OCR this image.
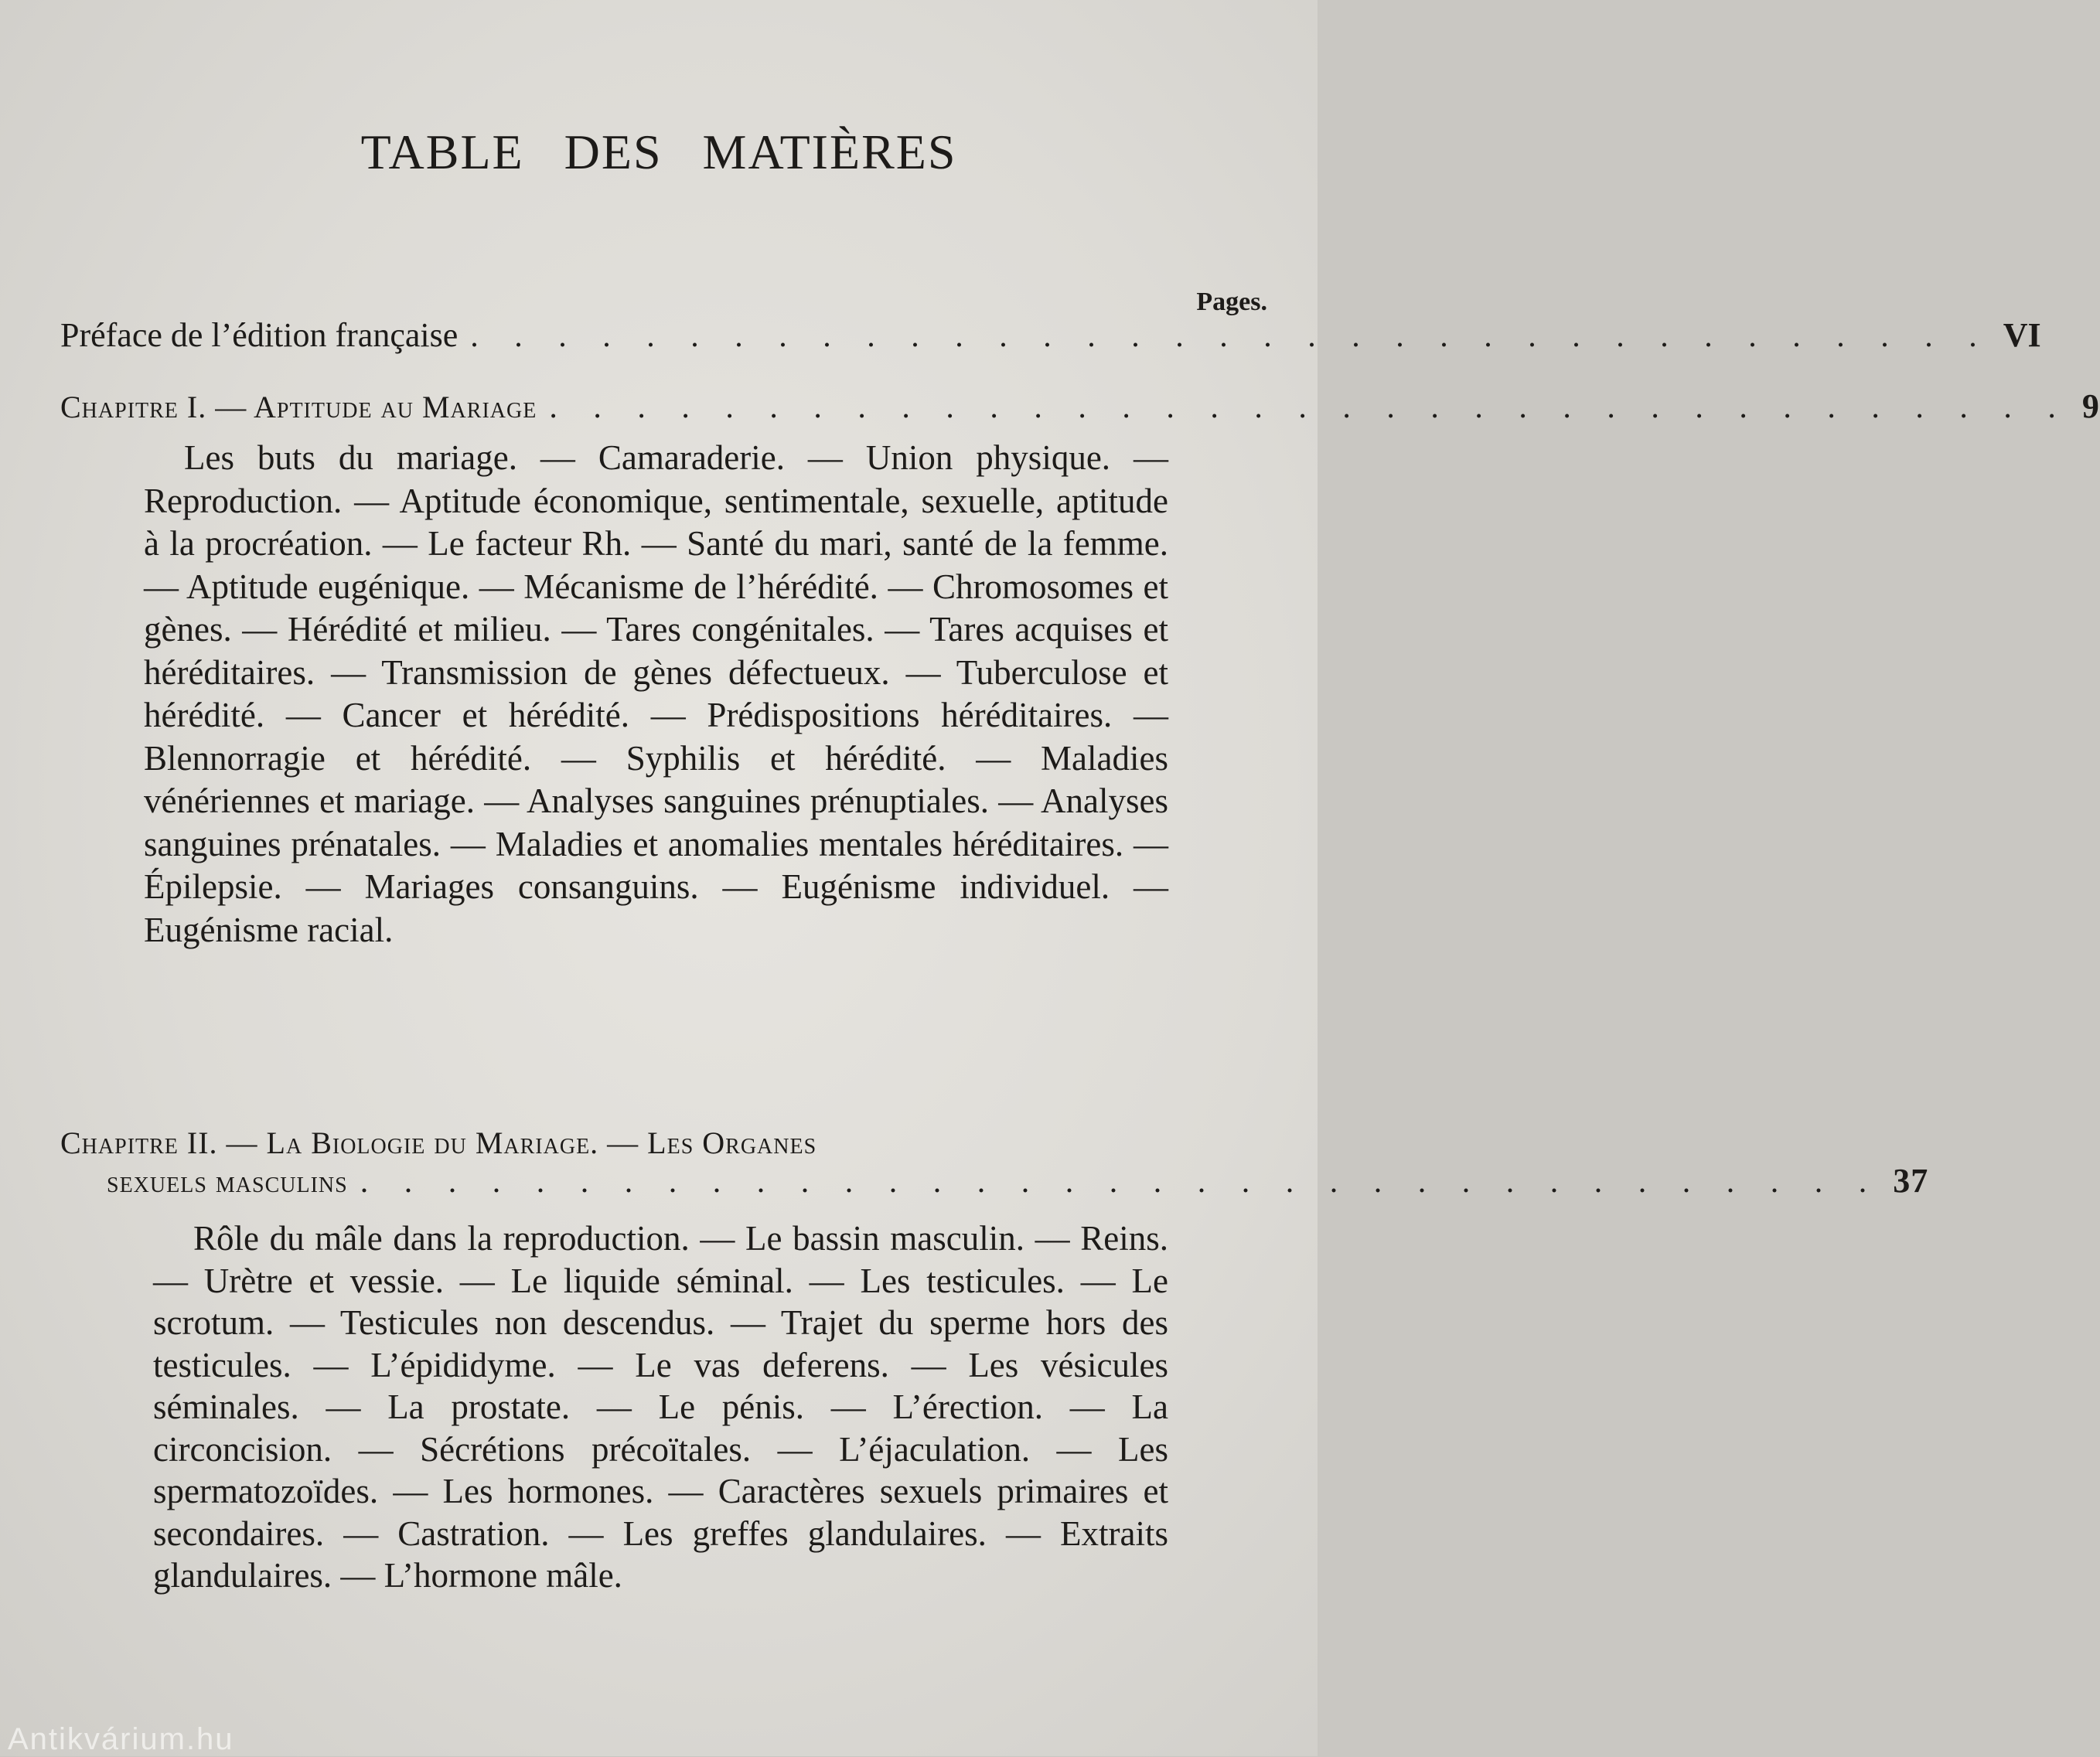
TABLE DES MATIÈRES
Pages.
Préface de l’édition française . . . . . . . . . . . . . . . . . . . . . . . . . . . . . . . . . . . VI
Chapitre I. — Aptitude au Mariage . . . . . . . . . . . . . . . . . . . . . . . . . . . . . . . . . . . 9

Les buts du mariage. — Camaraderie. — Union physique. — Reproduction. — Aptitude économique, sentimentale, sexuelle, aptitude à la procréation. — Le facteur Rh. — Santé du mari, santé de la femme. — Aptitude eugénique. — Mécanisme de l’hérédité. — Chromosomes et gènes. — Hérédité et milieu. — Tares congénitales. — Tares acquises et héréditaires. — Transmission de gènes défectueux. — Tuberculose et hérédité. — Cancer et hérédité. — Prédispositions héréditaires. — Blennorragie et hérédité. — Syphilis et hérédité. — Maladies vénériennes et mariage. — Analyses sanguines prénuptiales. — Analyses sanguines prénatales. — Maladies et anomalies mentales héréditaires. — Épilepsie. — Mariages consanguins. — Eugénisme individuel. — Eugénisme racial.

Chapitre II. — La Biologie du Mariage. — Les Organes
sexuels masculins . . . . . . . . . . . . . . . . . . . . . . . . . . . . . . . . . . . 37

Rôle du mâle dans la reproduction. — Le bassin masculin. — Reins. — Urètre et vessie. — Le liquide séminal. — Les testicules. — Le scrotum. — Testicules non descendus. — Trajet du sperme hors des testicules. — L’épididyme. — Le vas deferens. — Les vésicules séminales. — La prostate. — Le pénis. — L’érection. — La circoncision. — Sécrétions précoïtales. — L’éjaculation. — Les spermatozoïdes. — Les hormones. — Caractères sexuels primaires et secondaires. — Castration. — Les greffes glandulaires. — Extraits glandulaires. — L’hormone mâle.

Antikvárium.hu
